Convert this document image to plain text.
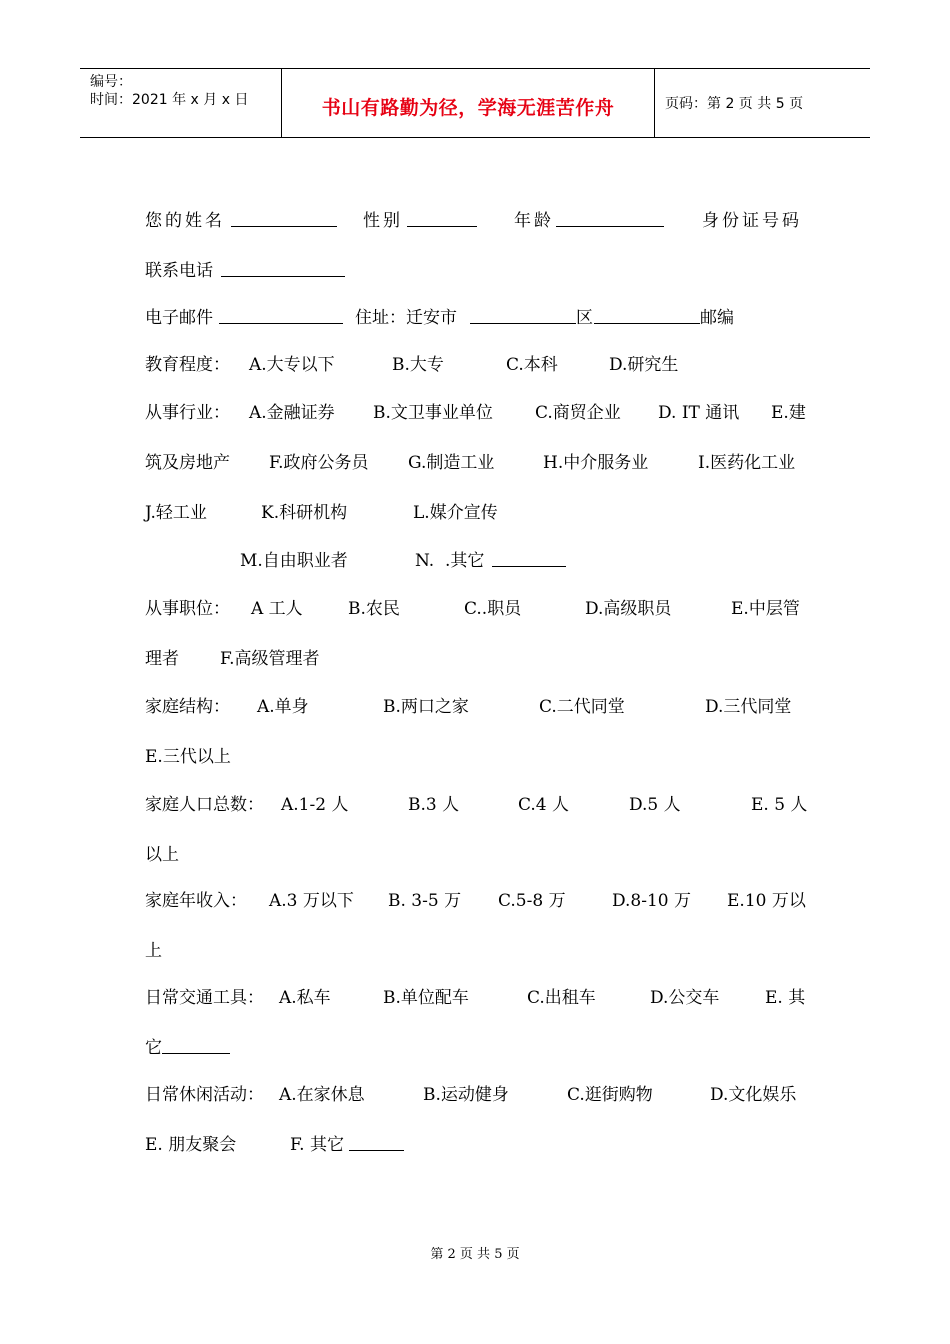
编号：
时间：2021 年 x 月 x 日	书山有路勤为径，学海无涯苦作舟	页码：第 2 页 共 5 页
您的姓名	性别	年龄	身份证号码
联系电话
电子邮件	住址：迁安市	区	邮编
教育程度： A.大专以下	B.大专	C.本科	D.研究生
从事行业： A.金融证券 B.文卫事业单位 C.商贸企业 D. IT 通讯 E.建
筑及房地产 F.政府公务员 G.制造工业	H.中介服务业	I.医药化工业
J.轻工业	K.科研机构	L.媒介宣传
M.自由职业者	N.  .其它
从事职位： A 工人	B.农民	C..职员	D.高级职员	E.中层管
理者 F.高级管理者
家庭结构： A.单身	B.两口之家	C.二代同堂	D.三代同堂
E.三代以上
家庭人口总数： A.1-2 人	B.3 人	C.4 人	D.5 人	E. 5 人
以上
家庭年收入： A.3 万以下 B. 3-5 万 C.5-8 万	D.8-10 万 E.10 万以
上
日常交通工具： A.私车	B.单位配车	C.出租车	D.公交车	E. 其
它
日常休闲活动： A.在家休息	B.运动健身	C.逛街购物	D.文化娱乐
E. 朋友聚会	F. 其它
第 2 页 共 5 页
